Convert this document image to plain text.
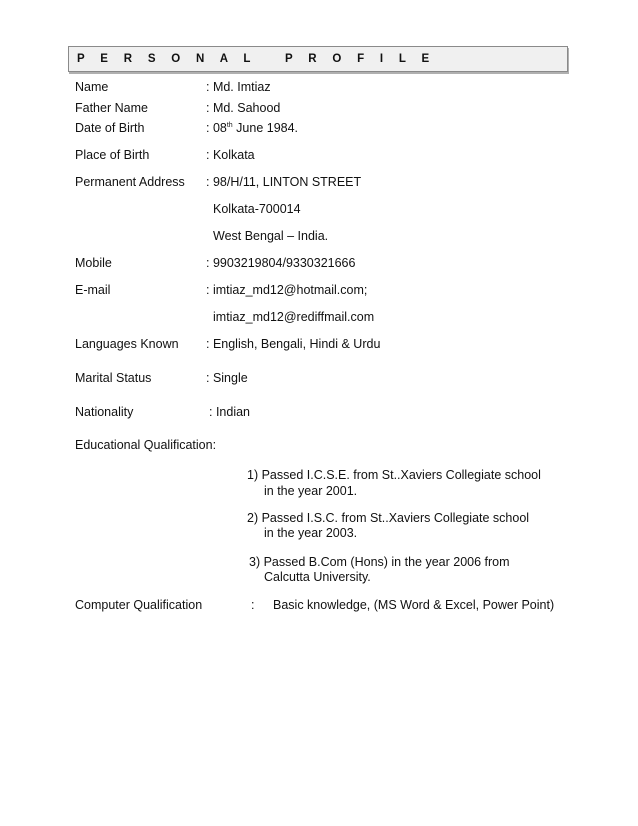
P E R S O N A L   P R O F I L E
Name	: Md. Imtiaz
Father Name	: Md. Sahood
Date of Birth	: 08th June 1984.
Place of Birth	: Kolkata
Permanent Address : 98/H/11, LINTON STREET
Kolkata-700014
West Bengal – India.
Mobile	: 9903219804/9330321666
E-mail	: imtiaz_md12@hotmail.com;
imtiaz_md12@rediffmail.com
Languages Known : English, Bengali, Hindi & Urdu
Marital Status	: Single
Nationality	: Indian
Educational Qualification:
1) Passed I.C.S.E. from St..Xaviers Collegiate school
in the year 2001.
2) Passed I.S.C. from St..Xaviers Collegiate school
in the year 2003.
3) Passed B.Com (Hons) in the year 2006 from
Calcutta University.
Computer Qualification	: Basic knowledge, (MS Word & Excel, Power Point)
